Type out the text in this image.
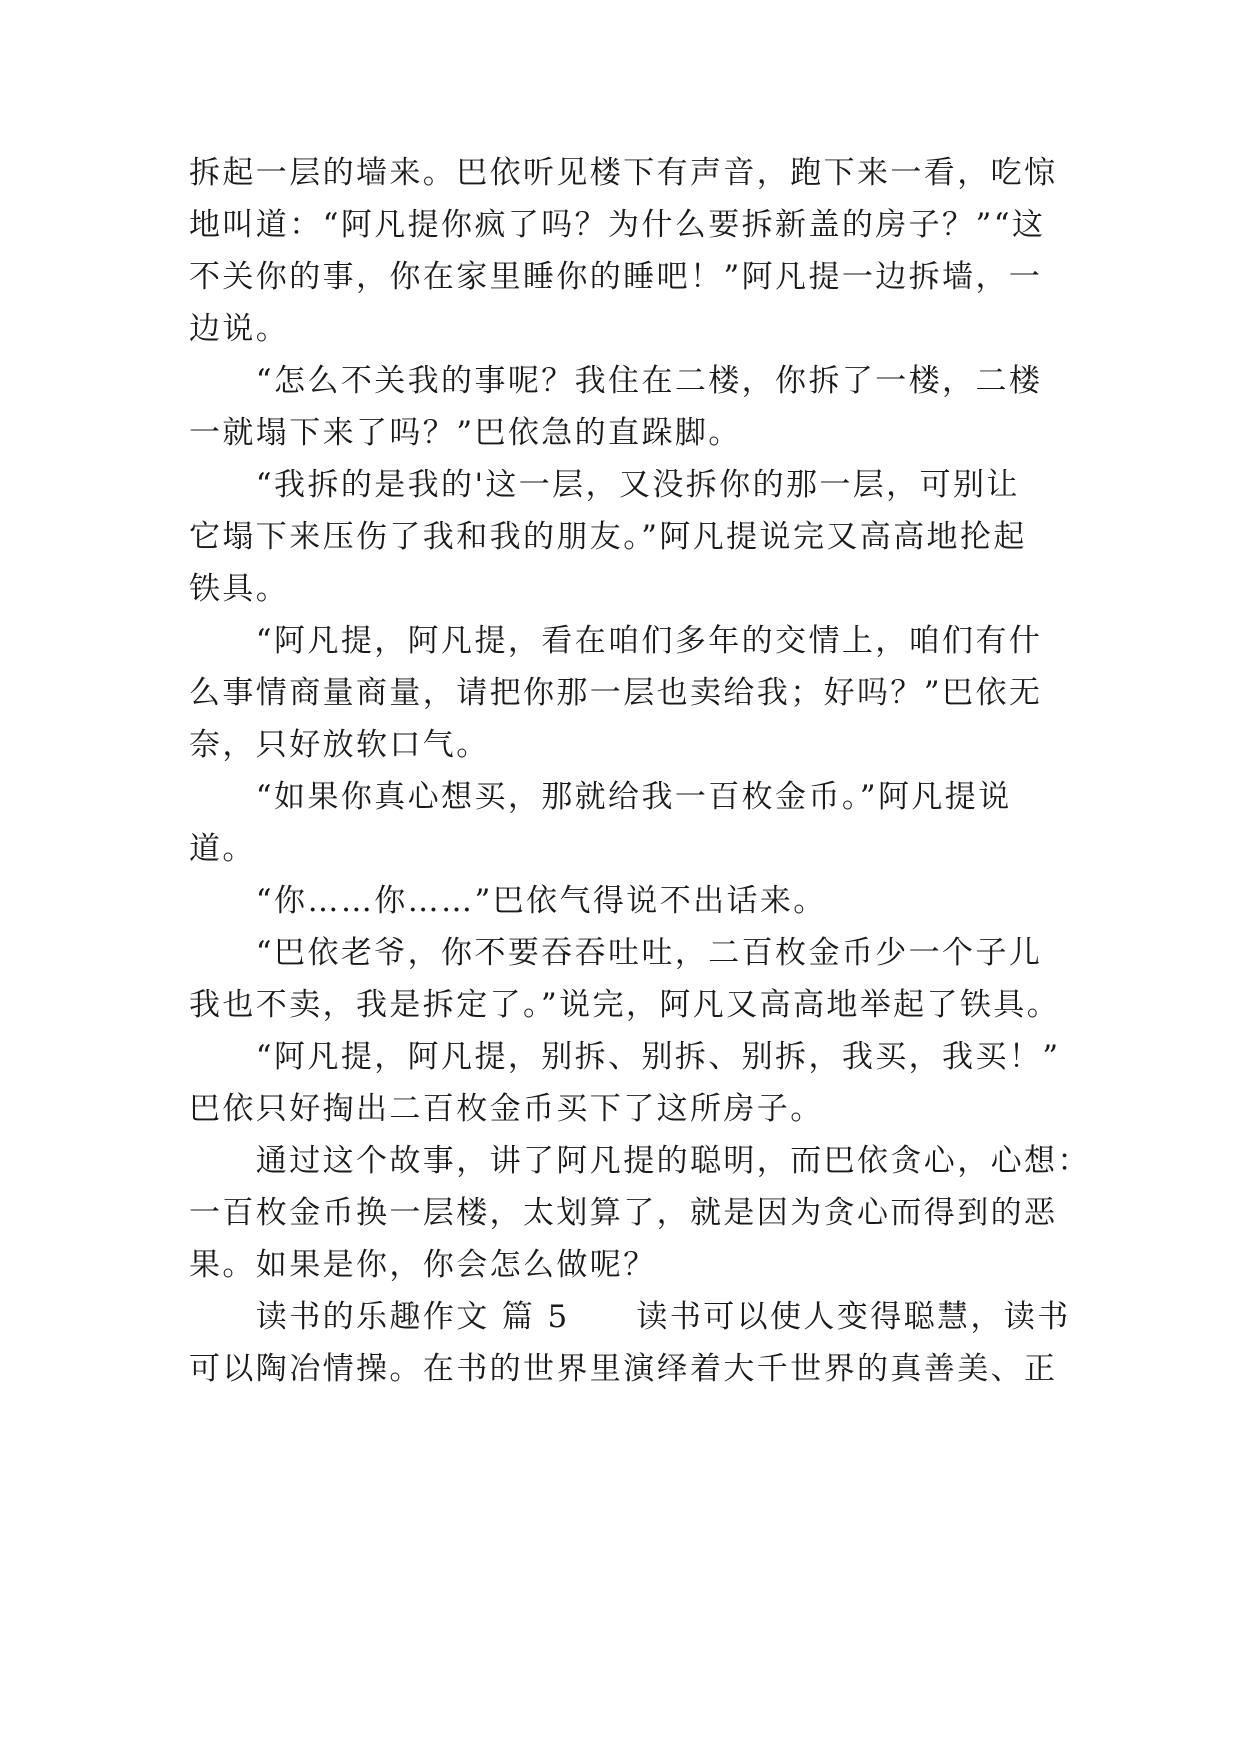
拆起一层的墙来。巴依听见楼下有声音，跑下来一看，吃惊

地叫道：“阿凡提你疯了吗？为什么要拆新盖的房子？”“这

不关你的事，你在家里睡你的睡吧！”阿凡提一边拆墙，一

边说。

　　“怎么不关我的事呢？我住在二楼，你拆了一楼，二楼

一就塌下来了吗？”巴依急的直跺脚。

　　“我拆的是我的'这一层，又没拆你的那一层，可别让

它塌下来压伤了我和我的朋友。”阿凡提说完又高高地抡起

铁具。

　　“阿凡提，阿凡提，看在咱们多年的交情上，咱们有什

么事情商量商量，请把你那一层也卖给我；好吗？”巴依无

奈，只好放软口气。

　　“如果你真心想买，那就给我一百枚金币。”阿凡提说

道。

　　“你……你……”巴依气得说不出话来。

　　“巴依老爷，你不要吞吞吐吐，二百枚金币少一个子儿

我也不卖，我是拆定了。”说完，阿凡又高高地举起了铁具。

　　“阿凡提，阿凡提，别拆、别拆、别拆，我买，我买！”

巴依只好掏出二百枚金币买下了这所房子。

　　通过这个故事，讲了阿凡提的聪明，而巴依贪心，心想：

一百枚金币换一层楼，太划算了，就是因为贪心而得到的恶

果。如果是你，你会怎么做呢？

　　读书的乐趣作文 篇 5　　读书可以使人变得聪慧，读书

可以陶冶情操。在书的世界里演绎着大千世界的真善美、正
